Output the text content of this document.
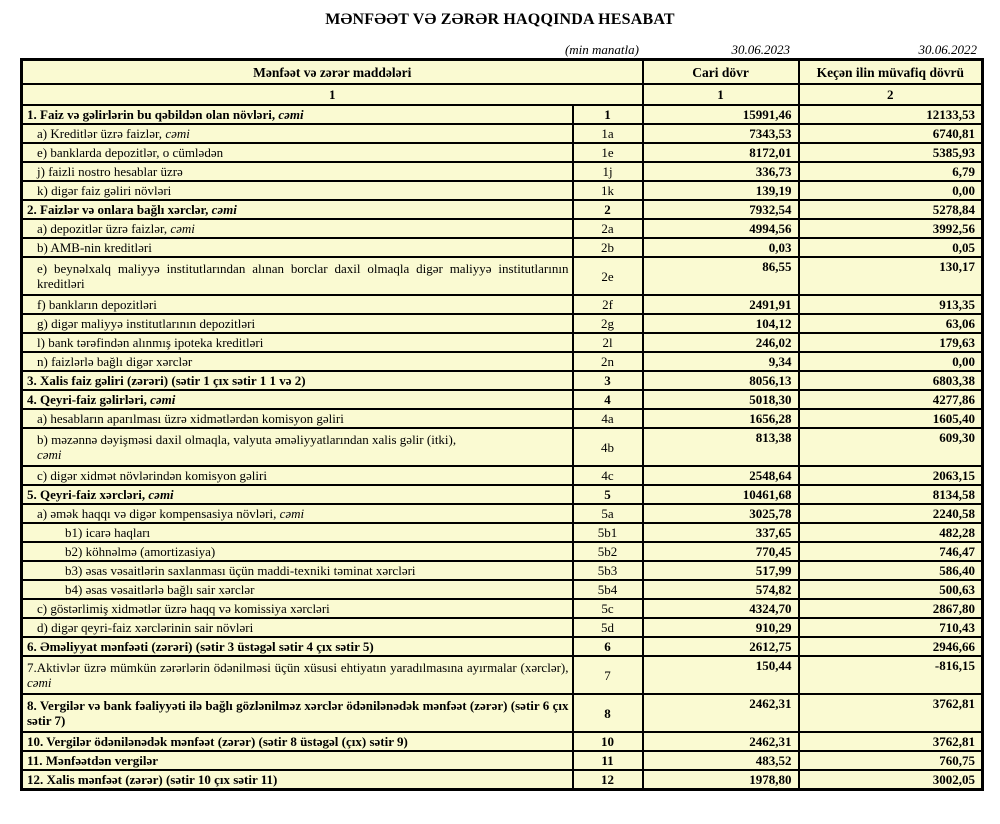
MƏNFƏƏT VƏ ZƏRƏR HAQQINDA HESABAT
(min manatla)	30.06.2023	30.06.2022
Mənfəət və zərər maddələri		Cari dövr	Keçən ilin müvafiq dövrü
1		1	2
1. Faiz və gəlirlərin bu qəbildən olan növləri, cəmi	1	15991,46	12133,53
a) Kreditlər üzrə faizlər, cəmi	1a	7343,53	6740,81
e) banklarda depozitlər, o cümlədən	1e	8172,01	5385,93
j) faizli nostro hesablar üzrə	1j	336,73	6,79
k) digər faiz gəliri növləri	1k	139,19	0,00
2. Faizlər və onlara bağlı xərclər, cəmi	2	7932,54	5278,84
a) depozitlər üzrə faizlər, cəmi	2a	4994,56	3992,56
b) AMB-nin kreditləri	2b	0,03	0,05
e) beynəlxalq maliyyə institutlarından alınan borclar daxil olmaqla digər maliyyə institutlarının kreditləri	2e	86,55	130,17
f) bankların depozitləri	2f	2491,91	913,35
g) digər maliyyə institutlarının depozitləri	2g	104,12	63,06
l) bank tərəfindən alınmış ipoteka kreditləri	2l	246,02	179,63
n) faizlərlə bağlı digər xərclər	2n	9,34	0,00
3. Xalis faiz gəliri (zərəri) (sətir 1 çıx sətir 1 1 və 2)	3	8056,13	6803,38
4. Qeyri-faiz gəlirləri, cəmi	4	5018,30	4277,86
a) hesabların aparılması üzrə xidmətlərdən komisyon gəliri	4a	1656,28	1605,40
b) məzənnə dəyişməsi daxil olmaqla, valyuta əməliyyatlarından xalis gəlir (itki),
cəmi	4b	813,38	609,30
c) digər xidmət növlərindən komisyon gəliri	4c	2548,64	2063,15
5. Qeyri-faiz xərcləri, cəmi	5	10461,68	8134,58
a) əmək haqqı və digər kompensasiya növləri, cəmi	5a	3025,78	2240,58
b1) icarə haqları	5b1	337,65	482,28
b2) köhnəlmə (amortizasiya)	5b2	770,45	746,47
b3) əsas vəsaitlərin saxlanması üçün maddi-texniki təminat xərcləri	5b3	517,99	586,40
b4) əsas vəsaitlərlə bağlı sair xərclər	5b4	574,82	500,63
c) göstərlimiş xidmətlər üzrə haqq və komissiya xərcləri	5c	4324,70	2867,80
d) digər qeyri-faiz xərclərinin sair növləri	5d	910,29	710,43
6. Əməliyyat mənfəəti (zərəri) (sətir 3 üstəgəl sətir 4 çıx sətir 5)	6	2612,75	2946,66
7.Aktivlər üzrə mümkün zərərlərin ödənilməsi üçün xüsusi ehtiyatın yaradılmasına ayırmalar (xərclər), cəmi	7	150,44	-816,15
8. Vergilər və bank fəaliyyəti ilə bağlı gözlənilməz xərclər ödənilənədək mənfəət (zərər) (sətir 6 çıx sətir 7)	8	2462,31	3762,81
10. Vergilər ödənilənədək mənfəət (zərər) (sətir 8 üstəgəl (çıx) sətir 9)	10	2462,31	3762,81
11. Mənfəətdən vergilər	11	483,52	760,75
12. Xalis mənfəət (zərər) (sətir 10 çıx sətir 11)	12	1978,80	3002,05
